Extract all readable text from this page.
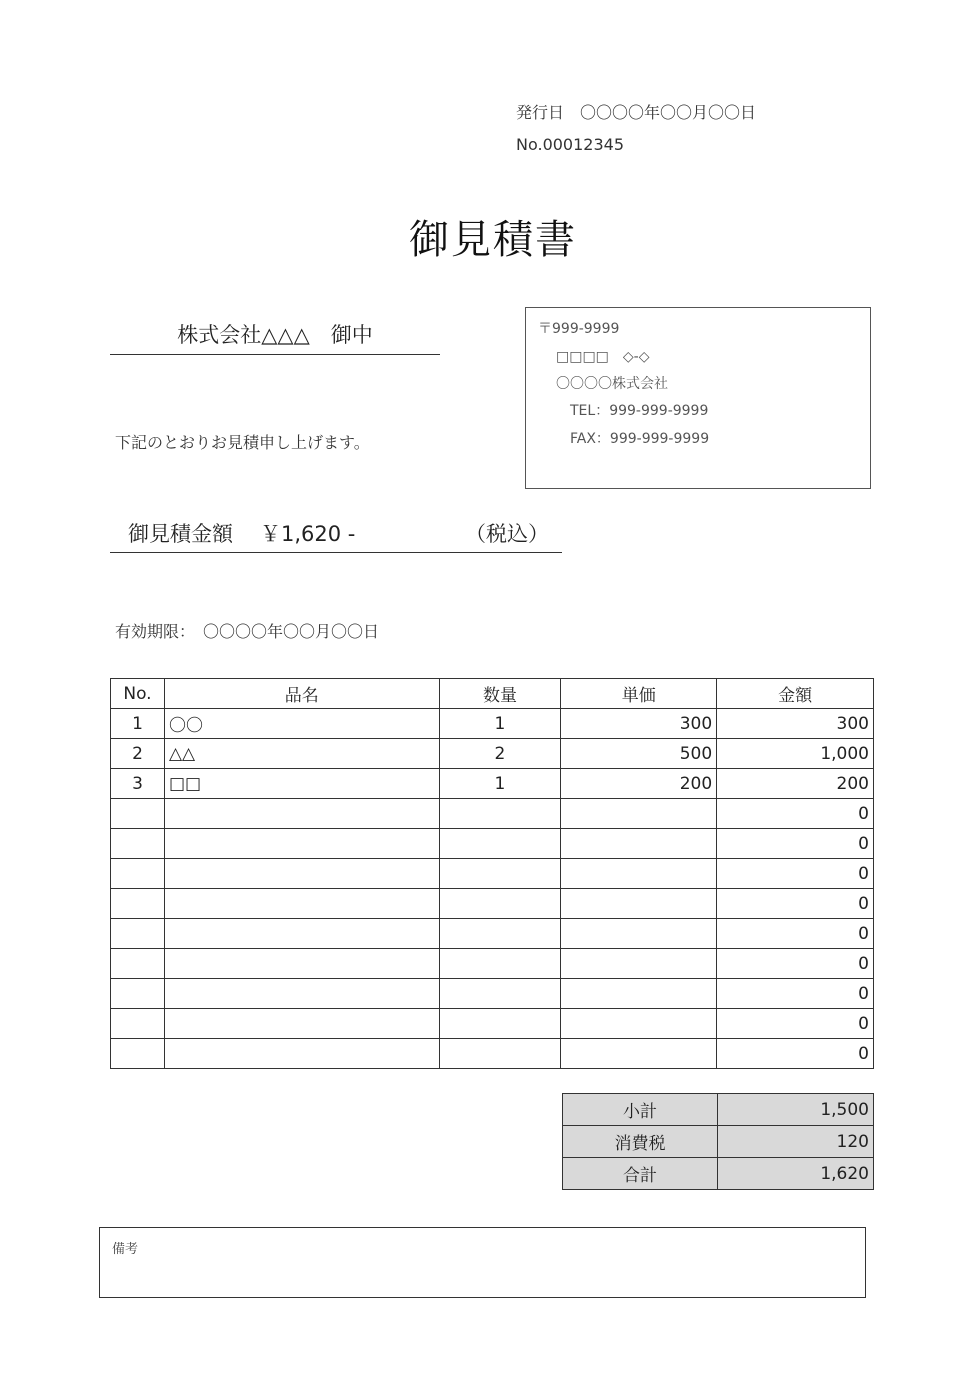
発行日　〇〇〇〇年〇〇月〇〇日
No.00012345
御見積書
株式会社△△△　御中
下記のとおりお見積申し上げます。
〒999-9999
□□□□　◇-◇
〇〇〇〇株式会社
TEL：999-999-9999
FAX：999-999-9999
御見積金額 ￥1,620 -	（税込）
有効期限：　〇〇〇〇年〇〇月〇〇日
No.	品名	数量	単価	金額
1	〇〇	1	300	300
2	△△	2	500	1,000
3	□□	1	200	200
				0
				0
				0
				0
				0
				0
				0
				0
				0
小計	1,500
消費税	120
合計	1,620
備考
